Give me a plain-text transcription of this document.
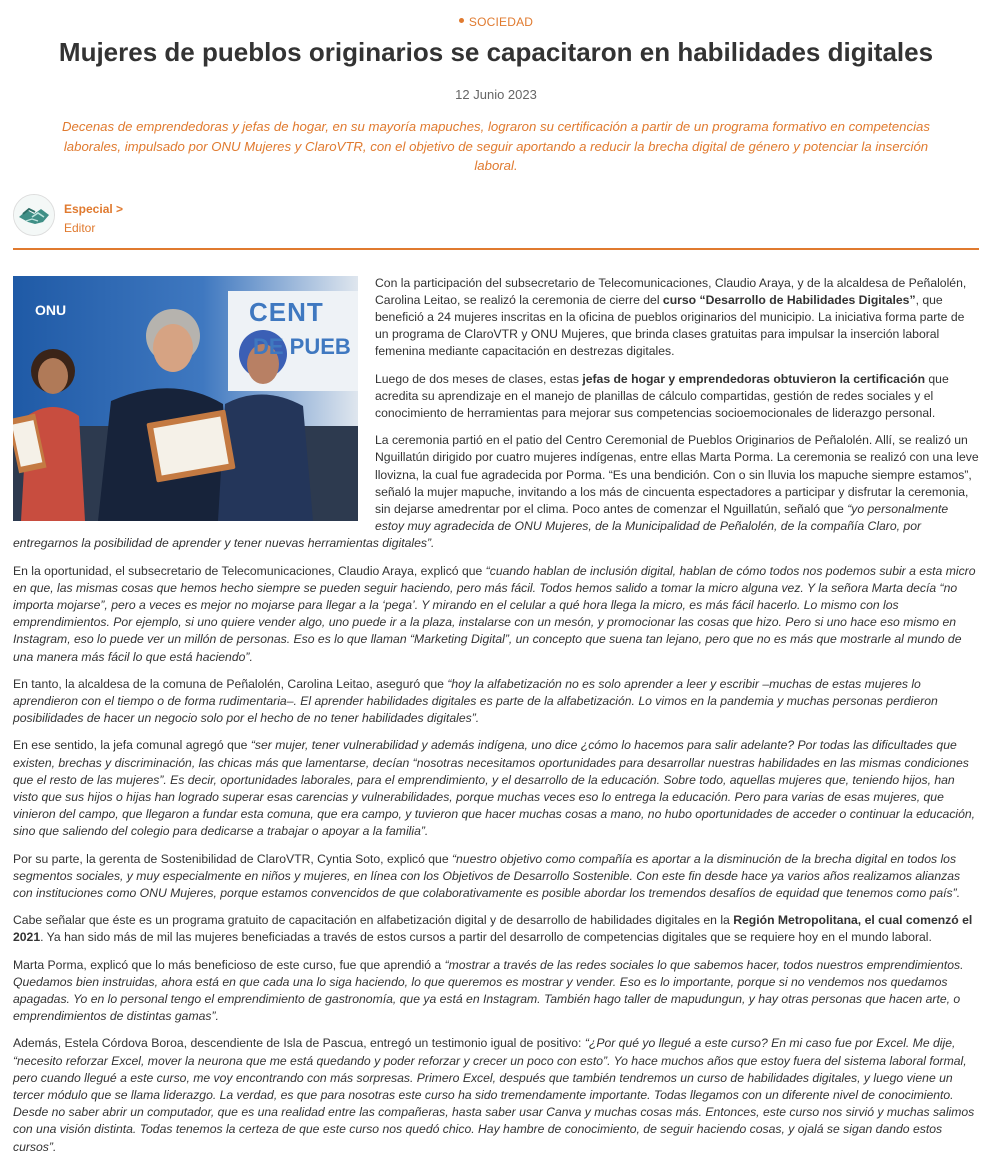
SOCIEDAD
Mujeres de pueblos originarios se capacitaron en habilidades digitales
12 Junio 2023
Decenas de emprendedoras y jefas de hogar, en su mayoría mapuches, lograron su certificación a partir de un programa formativo en competencias laborales, impulsado por ONU Mujeres y ClaroVTR, con el objetivo de seguir aportando a reducir la brecha digital de género y potenciar la inserción laboral.
Especial >
Editor
ONU	CENT
DE PUEB

Con la participación del subsecretario de Telecomunicaciones, Claudio Araya, y de la alcaldesa de Peñalolén, Carolina Leitao, se realizó la ceremonia de cierre del curso “Desarrollo de Habilidades Digitales”, que benefició a 24 mujeres inscritas en la oficina de pueblos originarios del municipio. La iniciativa forma parte de un programa de ClaroVTR y ONU Mujeres, que brinda clases gratuitas para impulsar la inserción laboral femenina mediante capacitación en destrezas digitales.

Luego de dos meses de clases, estas jefas de hogar y emprendedoras obtuvieron la certificación que acredita su aprendizaje en el manejo de planillas de cálculo compartidas, gestión de redes sociales y el conocimiento de herramientas para mejorar sus competencias socioemocionales de liderazgo personal.

La ceremonia partió en el patio del Centro Ceremonial de Pueblos Originarios de Peñalolén. Allí, se realizó un Nguillatún dirigido por cuatro mujeres indígenas, entre ellas Marta Porma. La ceremonia se realizó con una leve llovizna, la cual fue agradecida por Porma. “Es una bendición. Con o sin lluvia los mapuche siempre estamos”, señaló la mujer mapuche, invitando a los más de cincuenta espectadores a participar y disfrutar la ceremonia, sin dejarse amedrentar por el clima. Poco antes de comenzar el Nguillatún, señaló que “yo personalmente estoy muy agradecida de ONU Mujeres, de la Municipalidad de Peñalolén, de la compañía Claro, por entregarnos la posibilidad de aprender y tener nuevas herramientas digitales”.

En la oportunidad, el subsecretario de Telecomunicaciones, Claudio Araya, explicó que “cuando hablan de inclusión digital, hablan de cómo todos nos podemos subir a esta micro en que, las mismas cosas que hemos hecho siempre se pueden seguir haciendo, pero más fácil. Todos hemos salido a tomar la micro alguna vez. Y la señora Marta decía “no importa mojarse”, pero a veces es mejor no mojarse para llegar a la ‘pega’. Y mirando en el celular a qué hora llega la micro, es más fácil hacerlo. Lo mismo con los emprendimientos. Por ejemplo, si uno quiere vender algo, uno puede ir a la plaza, instalarse con un mesón, y promocionar las cosas que hizo. Pero si uno hace eso mismo en Instagram, eso lo puede ver un millón de personas. Eso es lo que llaman “Marketing Digital”, un concepto que suena tan lejano, pero que no es más que mostrarle al mundo de una manera más fácil lo que está haciendo”.

En tanto, la alcaldesa de la comuna de Peñalolén, Carolina Leitao, aseguró que “hoy la alfabetización no es solo aprender a leer y escribir –muchas de estas mujeres lo aprendieron con el tiempo o de forma rudimentaria–. El aprender habilidades digitales es parte de la alfabetización. Lo vimos en la pandemia y muchas personas perdieron posibilidades de hacer un negocio solo por el hecho de no tener habilidades digitales”.

En ese sentido, la jefa comunal agregó que “ser mujer, tener vulnerabilidad y además indígena, uno dice ¿cómo lo hacemos para salir adelante? Por todas las dificultades que existen, brechas y discriminación, las chicas más que lamentarse, decían “nosotras necesitamos oportunidades para desarrollar nuestras habilidades en las mismas condiciones que el resto de las mujeres”. Es decir, oportunidades laborales, para el emprendimiento, y el desarrollo de la educación. Sobre todo, aquellas mujeres que, teniendo hijos, han visto que sus hijos o hijas han logrado superar esas carencias y vulnerabilidades, porque muchas veces eso lo entrega la educación. Pero para varias de esas mujeres, que vinieron del campo, que llegaron a fundar esta comuna, que era campo, y tuvieron que hacer muchas cosas a mano, no hubo oportunidades de acceder o continuar la educación, sino que saliendo del colegio para dedicarse a trabajar o apoyar a la familia”.

Por su parte, la gerenta de Sostenibilidad de ClaroVTR, Cyntia Soto, explicó que “nuestro objetivo como compañía es aportar a la disminución de la brecha digital en todos los segmentos sociales, y muy especialmente en niños y mujeres, en línea con los Objetivos de Desarrollo Sostenible. Con este fin desde hace ya varios años realizamos alianzas con instituciones como ONU Mujeres, porque estamos convencidos de que colaborativamente es posible abordar los tremendos desafíos de equidad que tenemos como país”.

Cabe señalar que éste es un programa gratuito de capacitación en alfabetización digital y de desarrollo de habilidades digitales en la Región Metropolitana, el cual comenzó el 2021. Ya han sido más de mil las mujeres beneficiadas a través de estos cursos a partir del desarrollo de competencias digitales que se requiere hoy en el mundo laboral.

Marta Porma, explicó que lo más beneficioso de este curso, fue que aprendió a “mostrar a través de las redes sociales lo que sabemos hacer, todos nuestros emprendimientos. Quedamos bien instruidas, ahora está en que cada una lo siga haciendo, lo que queremos es mostrar y vender. Eso es lo importante, porque si no vendemos nos quedamos apagadas. Yo en lo personal tengo el emprendimiento de gastronomía, que ya está en Instagram. También hago taller de mapudungun, y hay otras personas que hacen arte, o emprendimientos de distintas gamas”.

Además, Estela Córdova Boroa, descendiente de Isla de Pascua, entregó un testimonio igual de positivo: “¿Por qué yo llegué a este curso? En mi caso fue por Excel. Me dije, “necesito reforzar Excel, mover la neurona que me está quedando y poder reforzar y crecer un poco con esto”. Yo hace muchos años que estoy fuera del sistema laboral formal, pero cuando llegué a este curso, me voy encontrando con más sorpresas. Primero Excel, después que también tendremos un curso de habilidades digitales, y luego viene un tercer módulo que se llama liderazgo. La verdad, es que para nosotras este curso ha sido tremendamente importante. Todas llegamos con un diferente nivel de conocimiento. Desde no saber abrir un computador, que es una realidad entre las compañeras, hasta saber usar Canva y muchas cosas más. Entonces, este curso nos sirvió y muchas salimos con una visión distinta. Todas tenemos la certeza de que este curso nos quedó chico. Hay hambre de conocimiento, de seguir haciendo cosas, y ojalá se sigan dando estos cursos”.
